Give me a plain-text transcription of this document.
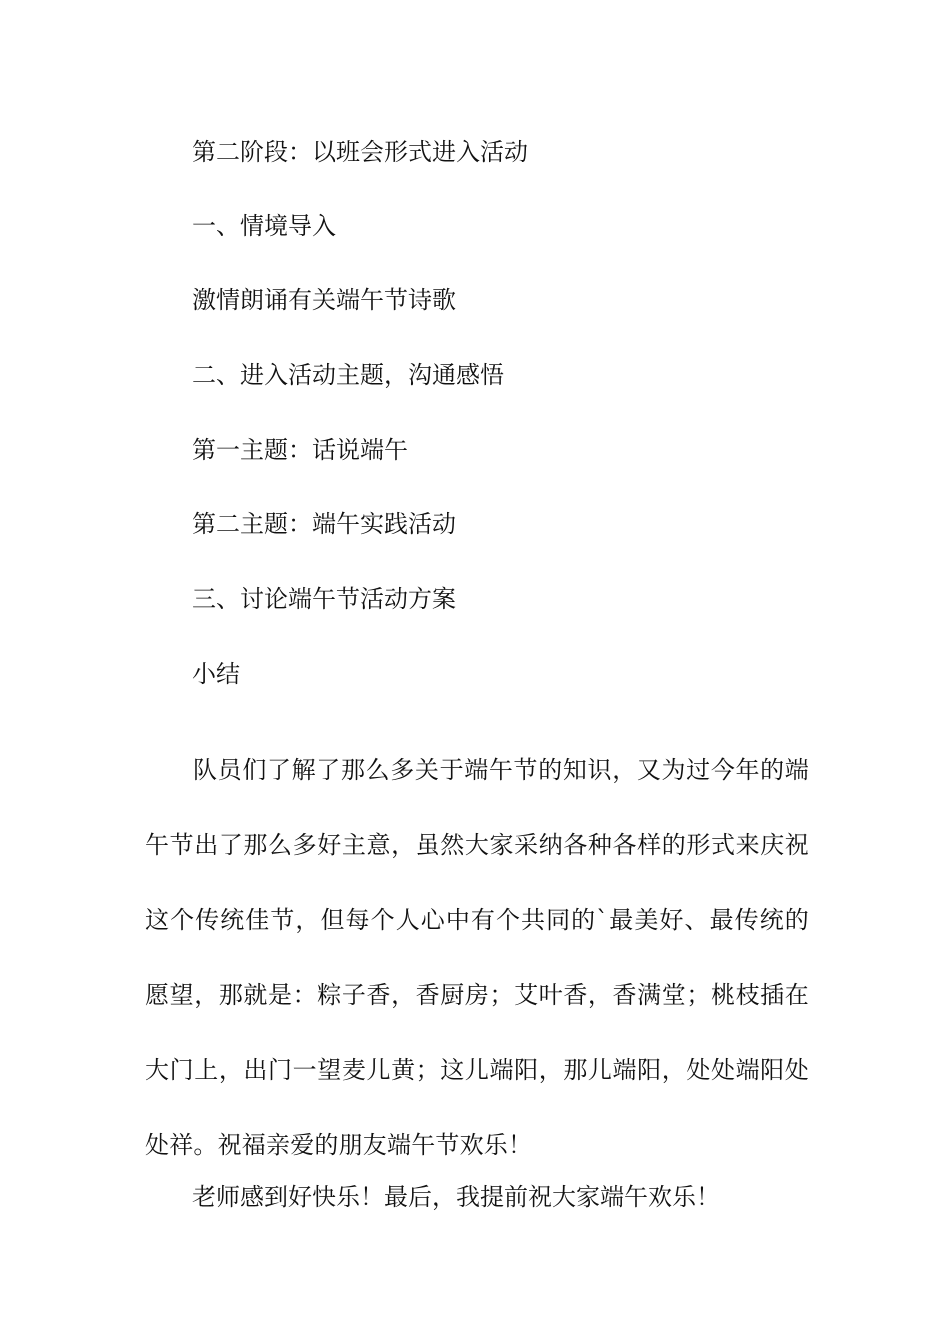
第二阶段：以班会形式进入活动
一、情境导入
激情朗诵有关端午节诗歌
二、进入活动主题，沟通感悟
第一主题：话说端午
第二主题：端午实践活动
三、讨论端午节活动方案
小结

队员们了解了那么多关于端午节的知识，又为过今年的端午节出了那么多好主意，虽然大家采纳各种各样的形式来庆祝这个传统佳节，但每个人心中有个共同的`最美好、最传统的愿望，那就是：粽子香，香厨房；艾叶香，香满堂；桃枝插在大门上，出门一望麦儿黄；这儿端阳，那儿端阳，处处端阳处处祥。祝福亲爱的朋友端午节欢乐！

老师感到好快乐！最后，我提前祝大家端午欢乐！
